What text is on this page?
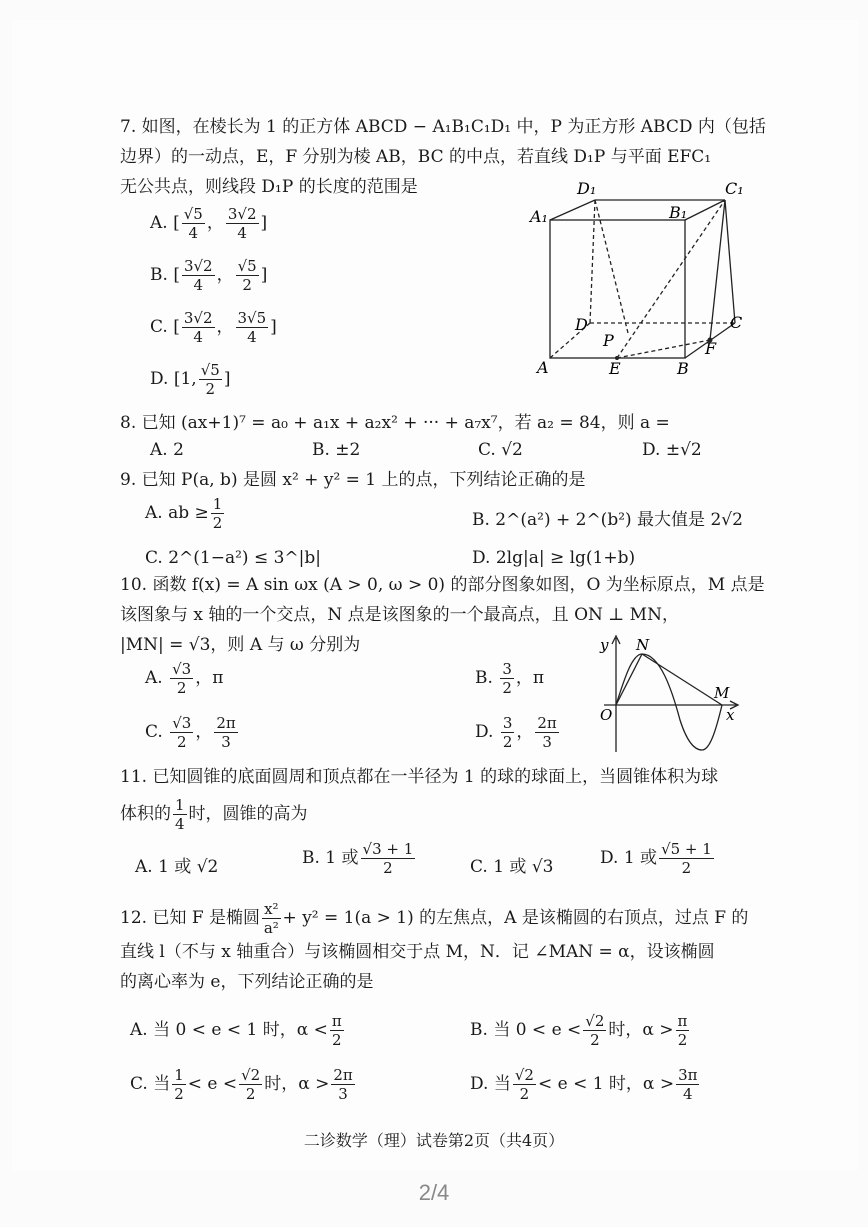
7. 如图，在棱长为 1 的正方体 ABCD − A₁B₁C₁D₁ 中，P 为正方形 ABCD 内（包括
边界）的一动点，E，F 分别为棱 AB，BC 的中点，若直线 D₁P 与平面 EFC₁
无公共点，则线段 D₁P 的长度的范围是
A. [ $\frac{√5}{4}$ ， $\frac{3√2}{4}$ ]
B. [ $\frac{3√2}{4}$ ， $\frac{√5}{2}$ ]
C. [ $\frac{3√2}{4}$ ， $\frac{3√5}{4}$ ]
D. [1, $\frac{√5}{2}$ ]
D₁	C₁
A₁	B₁
D	C
P	F
A	E	B
8. 已知 (ax+1)⁷ = a₀ + a₁x + a₂x² + ··· + a₇x⁷，若 a₂ = 84，则 a =
A. 2	B. ±2	C. √2	D. ±√2
9. 已知 P(a, b) 是圆 x² + y² = 1 上的点，下列结论正确的是
A. ab ≥ $\frac{1}{2}$	B. 2^(a²) + 2^(b²) 最大值是 2√2
C. 2^(1−a²) ≤ 3^|b|	D. 2lg|a| ≥ lg(1+b)
10. 函数 f(x) = A sin ωx (A > 0, ω > 0) 的部分图象如图，O 为坐标原点，M 点是
该图象与 x 轴的一个交点，N 点是该图象的一个最高点，且 ON ⊥ MN，
|MN| = √3，则 A 与 ω 分别为
A. $\frac{√3}{2}$ ，π	B. $\frac{3}{2}$ ，π
C. $\frac{√3}{2}$ ， $\frac{2\pi}{3}$	D. $\frac{3}{2}$ ， $\frac{2\pi}{3}$
y N
M
O	x
11. 已知圆锥的底面圆周和顶点都在一半径为 1 的球的球面上，当圆锥体积为球
体积的 $\frac{1}{4}$ 时，圆锥的高为
A. 1 或 √2	B. 1 或 $\frac{√3 + 1}{2}$	C. 1 或 √3	D. 1 或 $\frac{√5 + 1}{2}$
12. 已知 F 是椭圆 $\frac{\text{x²}}{\text{a²}} + y^2 = 1(a > 1)$ 的左焦点，A 是该椭圆的右顶点，过点 F 的
直线 l（不与 x 轴重合）与该椭圆相交于点 M，N．记 ∠MAN = α，设该椭圆
的离心率为 e，下列结论正确的是
A. 当 0 < e < 1 时，$\alpha < \frac{\pi}{2}$	B. 当 $0 < e < \frac{√2}{2}$ 时，$\alpha > \frac{\pi}{2}$
C. 当 $\frac{1}{2} < e < \frac{√2}{2}$ 时，$\alpha > \frac{2\pi}{3}$	D. 当 $\frac{√2}{2} < e < 1$ 时，$\alpha > \frac{3\pi}{4}$
二诊数学（理）试卷第2页（共4页）
2/4
